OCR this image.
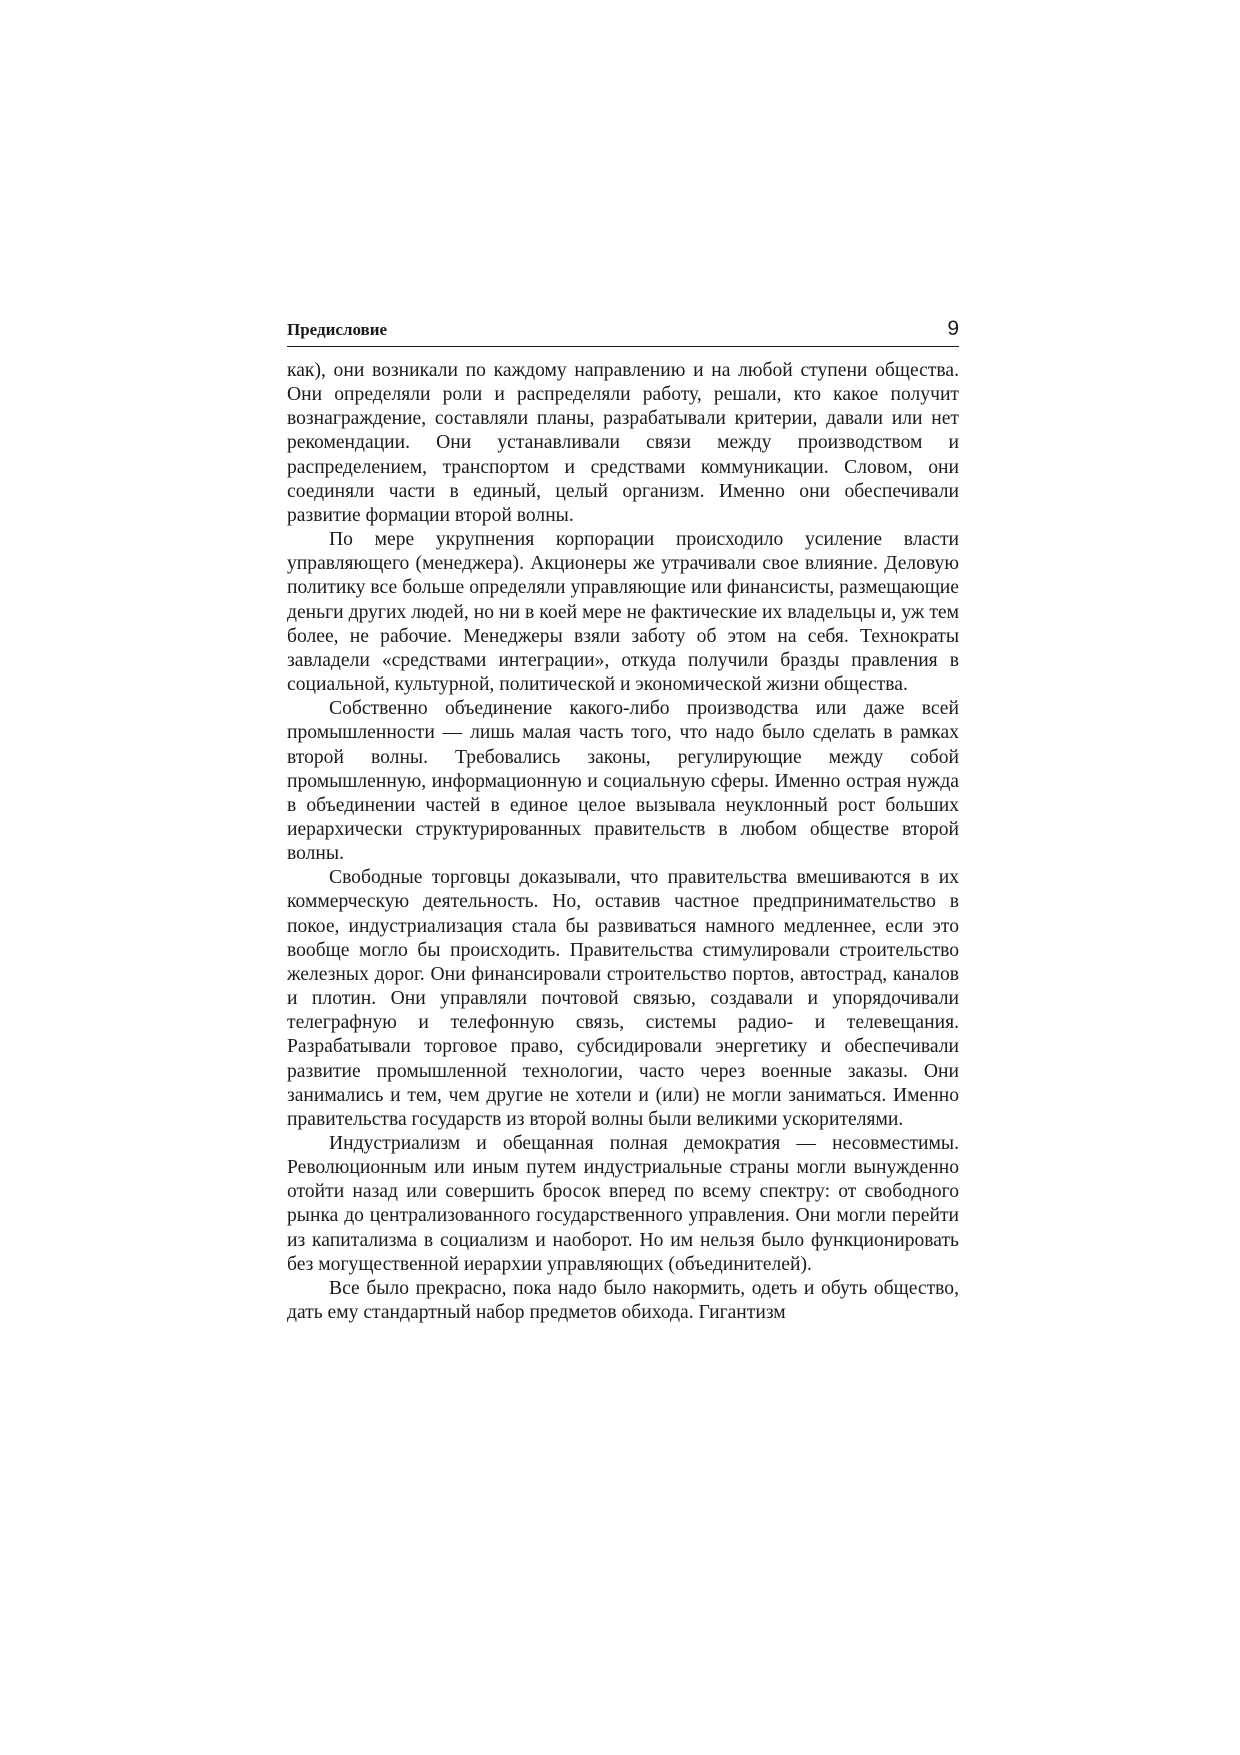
Предисловие	9

как), они возникали по каждому направлению и на любой ступени общества. Они определяли роли и распределяли работу, решали, кто какое получит вознаграждение, составляли планы, разрабатывали критерии, давали или нет рекомендации. Они устанавливали связи между производством и распределением, транспортом и средствами коммуникации. Словом, они соединяли части в единый, целый организм. Именно они обеспечивали развитие формации второй волны.

По мере укрупнения корпорации происходило усиление власти управляющего (менеджера). Акционеры же утрачивали свое влияние. Деловую политику все больше определяли управляющие или финансисты, размещающие деньги других людей, но ни в коей мере не фактические их владельцы и, уж тем более, не рабочие. Менеджеры взяли заботу об этом на себя. Технократы завладели «средствами интеграции», откуда получили бразды правления в социальной, культурной, политической и экономической жизни общества.

Собственно объединение какого-либо производства или даже всей промышленности — лишь малая часть того, что надо было сделать в рамках второй волны. Требовались законы, регулирующие между собой промышленную, информационную и социальную сферы. Именно острая нужда в объединении частей в единое целое вызывала неуклонный рост больших иерархически структурированных правительств в любом обществе второй волны.

Свободные торговцы доказывали, что правительства вмешиваются в их коммерческую деятельность. Но, оставив частное предпринимательство в покое, индустриализация стала бы развиваться намного медленнее, если это вообще могло бы происходить. Правительства стимулировали строительство железных дорог. Они финансировали строительство портов, автострад, каналов и плотин. Они управляли почтовой связью, создавали и упорядочивали телеграфную и телефонную связь, системы радио- и телевещания. Разрабатывали торговое право, субсидировали энергетику и обеспечивали развитие промышленной технологии, часто через военные заказы. Они занимались и тем, чем другие не хотели и (или) не могли заниматься. Именно правительства государств из второй волны были великими ускорителями.

Индустриализм и обещанная полная демократия — несовместимы. Революционным или иным путем индустриальные страны могли вынужденно отойти назад или совершить бросок вперед по всему спектру: от свободного рынка до централизованного государственного управления. Они могли перейти из капитализма в социализм и наоборот. Но им нельзя было функционировать без могущественной иерархии управляющих (объединителей).

Все было прекрасно, пока надо было накормить, одеть и обуть общество, дать ему стандартный набор предметов обихода. Гигантизм
